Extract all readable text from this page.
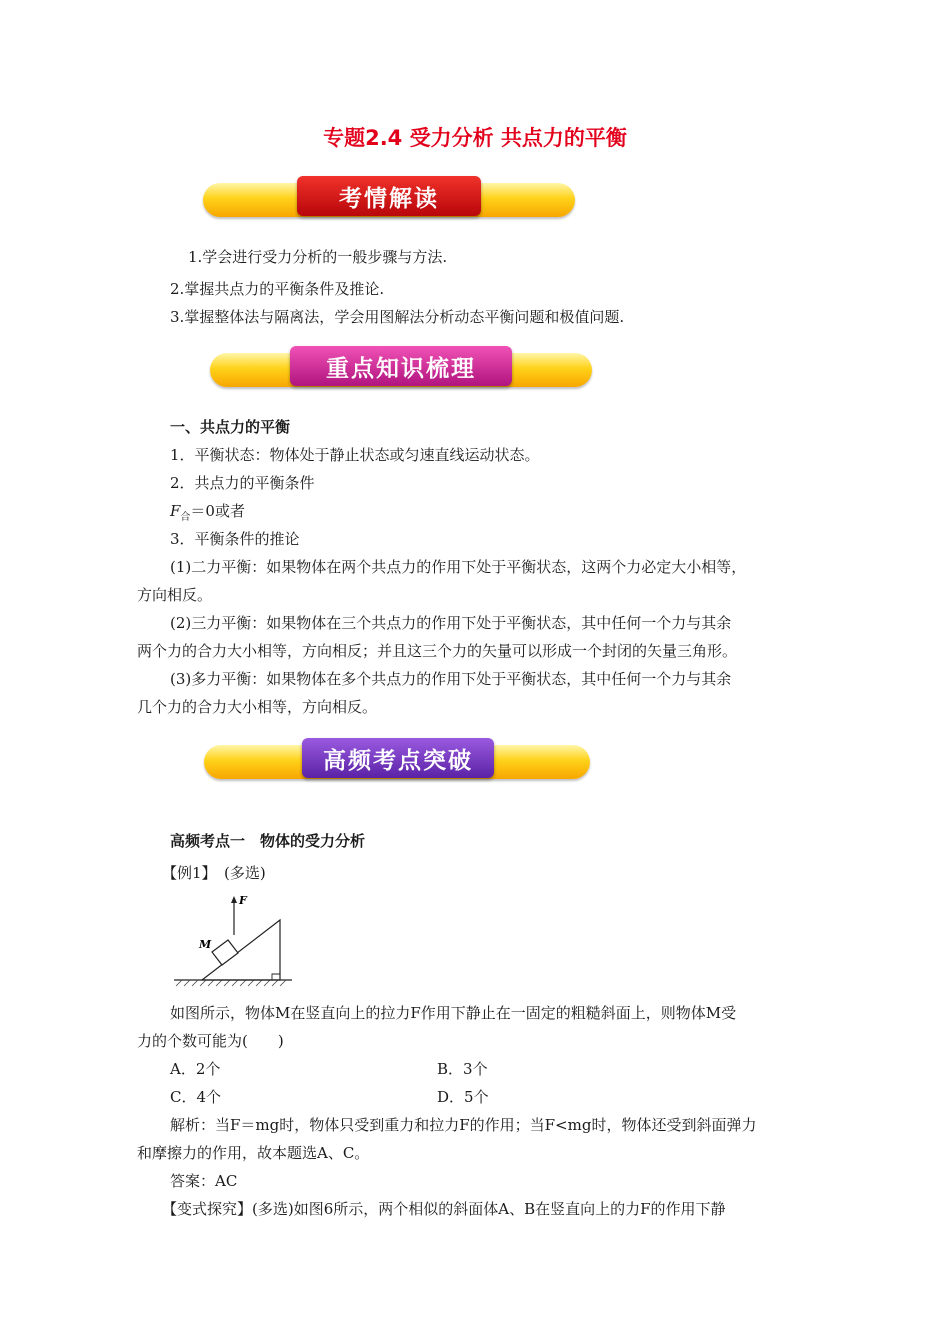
专题2.4 受力分析 共点力的平衡
考情解读
1.学会进行受力分析的一般步骤与方法.
2.掌握共点力的平衡条件及推论.
3.掌握整体法与隔离法，学会用图解法分析动态平衡问题和极值问题.
重点知识梳理
一、共点力的平衡
1．平衡状态：物体处于静止状态或匀速直线运动状态。
2．共点力的平衡条件
$F_合=0$或者
3．平衡条件的推论
(1)二力平衡：如果物体在两个共点力的作用下处于平衡状态，这两个力必定大小相等，
方向相反。
(2)三力平衡：如果物体在三个共点力的作用下处于平衡状态，其中任何一个力与其余
两个力的合力大小相等，方向相反；并且这三个力的矢量可以形成一个封闭的矢量三角形。
(3)多力平衡：如果物体在多个共点力的作用下处于平衡状态，其中任何一个力与其余
几个力的合力大小相等，方向相反。
高频考点突破
高频考点一　物体的受力分析
【例1】　(多选)
F
M
如图所示，物体M在竖直向上的拉力F作用下静止在一固定的粗糙斜面上，则物体M受
力的个数可能为(　　)
A．2个	B．3个
C．4个	D．5个
解析：当F＝mg时，物体只受到重力和拉力F的作用；当F<mg时，物体还受到斜面弹力
和摩擦力的作用，故本题选A、C。
答案：AC
【变式探究】(多选)如图6所示，两个相似的斜面体A、B在竖直向上的力F的作用下静
